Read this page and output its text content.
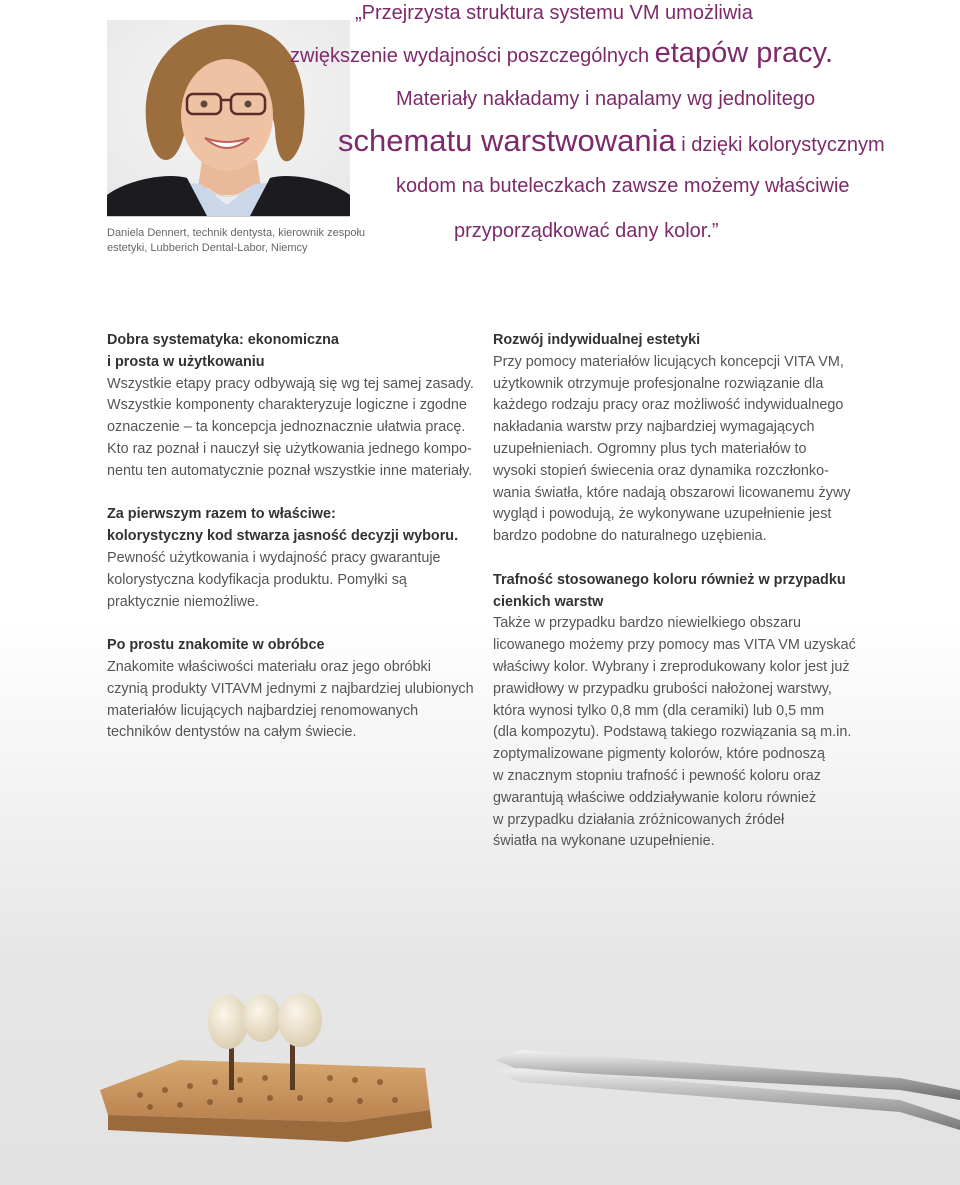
Daniela Dennert, technik dentysta, kierownik zespołu
estetyki, Lubberich Dental-Labor, Niemcy
„Przejrzysta struktura systemu VM umożliwia
zwiększenie wydajności poszczególnych etapów pracy.
Materiały nakładamy i napalamy wg jednolitego
schematu warstwowania i dzięki kolorystycznym
kodom na buteleczkach zawsze możemy właściwie
przyporządkować dany kolor.”
Dobra systematyka: ekonomiczna
i prosta w użytkowaniu

Wszystkie etapy pracy odbywają się wg tej samej zasady.
Wszystkie komponenty charakteryzuje logiczne i zgodne
oznaczenie – ta koncepcja jednoznacznie ułatwia pracę.
Kto raz poznał i nauczył się użytkowania jednego kompo-
nentu ten automatycznie poznał wszystkie inne materiały.

Za pierwszym razem to właściwe:
kolorystyczny kod stwarza jasność decyzji wyboru.

Pewność użytkowania i wydajność pracy gwarantuje
kolorystyczna kodyfikacja produktu. Pomyłki są
praktycznie niemożliwe.

Po prostu znakomite w obróbce

Znakomite właściwości materiału oraz jego obróbki
czynią produkty VITAVM jednymi z najbardziej ulubionych
materiałów licujących najbardziej renomowanych
techników dentystów na całym świecie.

Rozwój indywidualnej estetyki

Przy pomocy materiałów licujących koncepcji VITA VM,
użytkownik otrzymuje profesjonalne rozwiązanie dla
każdego rodzaju pracy oraz możliwość indywidualnego
nakładania warstw przy najbardziej wymagających
uzupełnieniach. Ogromny plus tych materiałów to
wysoki stopień świecenia oraz dynamika rozczłonko-
wania światła, które nadają obszarowi licowanemu żywy
wygląd i powodują, że wykonywane uzupełnienie jest
bardzo podobne do naturalnego uzębienia.

Trafność stosowanego koloru również w przypadku
cienkich warstw

Także w przypadku bardzo niewielkiego obszaru
licowanego możemy przy pomocy mas VITA VM uzyskać
właściwy kolor. Wybrany i zreprodukowany kolor jest już
prawidłowy w przypadku grubości nałożonej warstwy,
która wynosi tylko 0,8 mm (dla ceramiki) lub 0,5 mm
(dla kompozytu). Podstawą takiego rozwiązania są m.in.
zoptymalizowane pigmenty kolorów, które podnoszą
w znacznym stopniu trafność i pewność koloru oraz
gwarantują właściwe oddziaływanie koloru również
w przypadku działania zróżnicowanych źródeł
światła na wykonane uzupełnienie.
